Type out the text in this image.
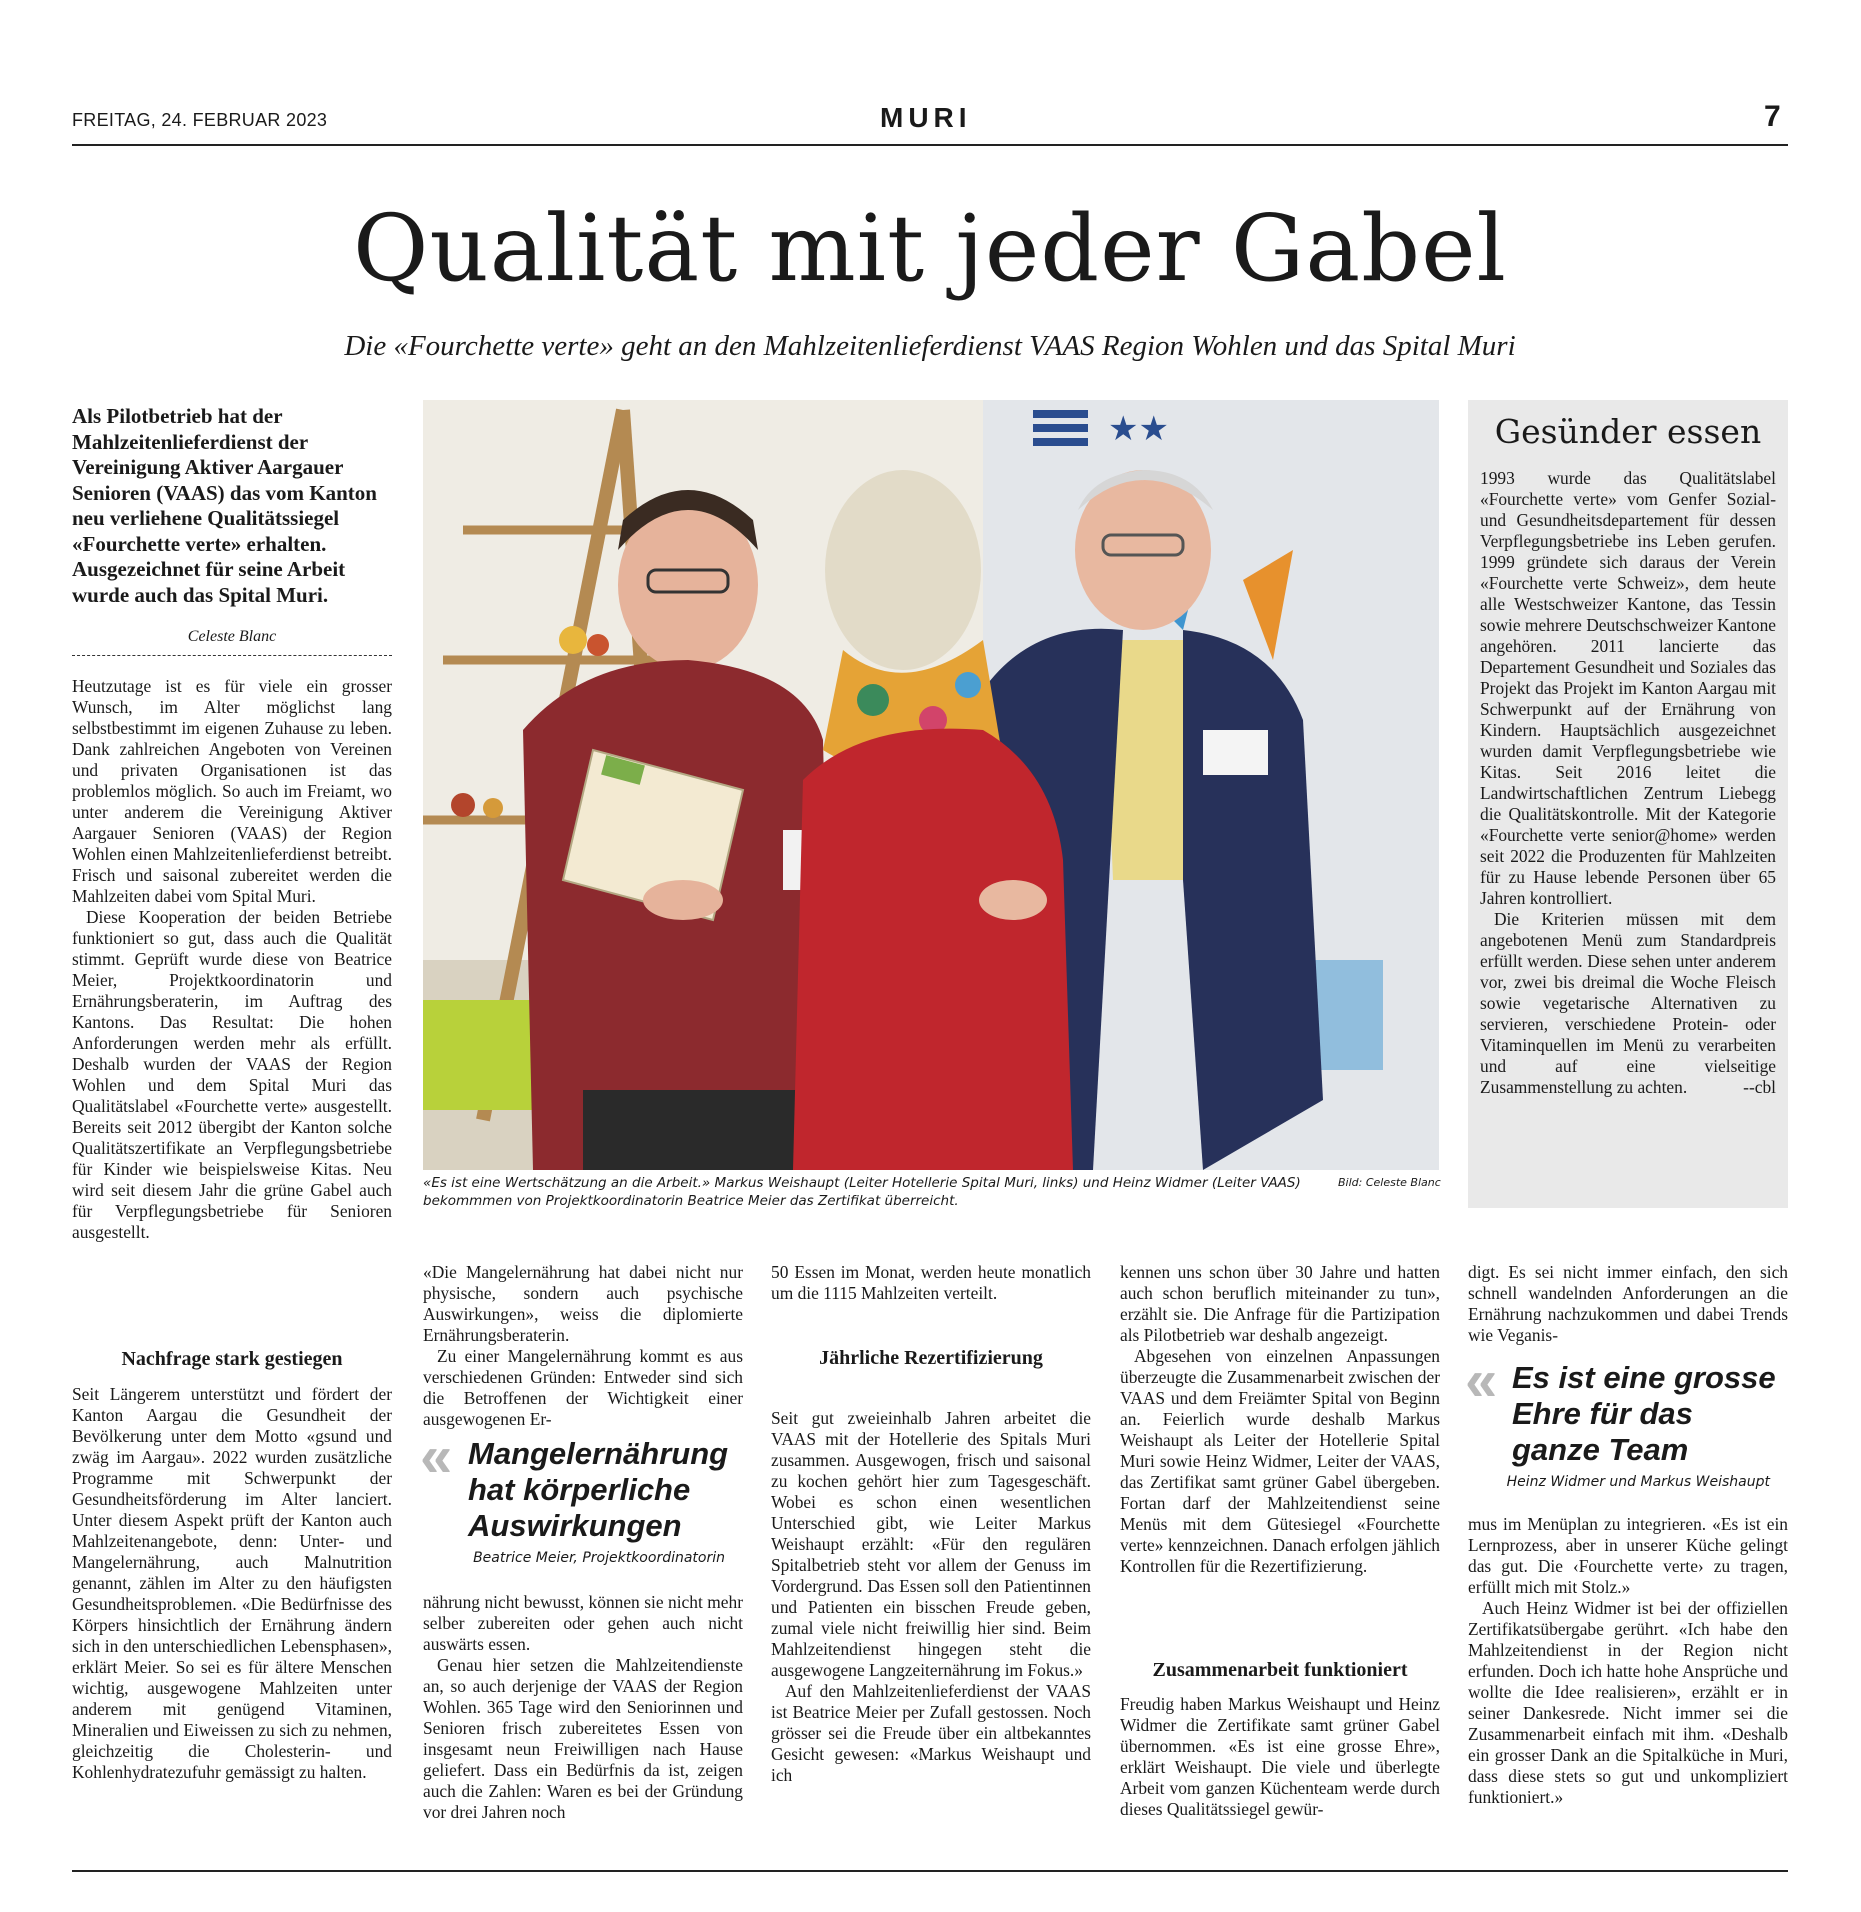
FREITAG, 24. FEBRUAR 2023	MURI	7
Qualität mit jeder Gabel
Die «Fourchette verte» geht an den Mahlzeitenlieferdienst VAAS Region Wohlen und das Spital Muri
Als Pilotbetrieb hat der Mahlzeitenlieferdienst der Vereinigung Aktiver Aargauer Senioren (VAAS) das vom Kanton neu verliehene Qualitätssiegel «Fourchette verte» erhalten. Ausgezeichnet für seine Arbeit wurde auch das Spital Muri.
Celeste Blanc

Heutzutage ist es für viele ein grosser Wunsch, im Alter möglichst lang selbstbestimmt im eigenen Zuhause zu leben. Dank zahlreichen Angeboten von Vereinen und privaten Organisationen ist das problemlos möglich. So auch im Freiamt, wo unter anderem die Vereinigung Aktiver Aargauer Senioren (VAAS) der Region Wohlen einen Mahlzeitenlieferdienst betreibt. Frisch und saisonal zubereitet werden die Mahlzeiten dabei vom Spital Muri.

Diese Kooperation der beiden Betriebe funktioniert so gut, dass auch die Qualität stimmt. Geprüft wurde diese von Beatrice Meier, Projektkoordinatorin und Ernährungsberaterin, im Auftrag des Kantons. Das Resultat: Die hohen Anforderungen werden mehr als erfüllt. Deshalb wurden der VAAS der Region Wohlen und dem Spital Muri das Qualitätslabel «Fourchette verte» ausgestellt. Bereits seit 2012 übergibt der Kanton solche Qualitätszertifikate an Verpflegungsbetriebe für Kinder wie beispielsweise Kitas. Neu wird seit diesem Jahr die grüne Gabel auch für Verpflegungsbetriebe für Senioren ausgestellt.

Nachfrage stark gestiegen

Seit Längerem unterstützt und fördert der Kanton Aargau die Gesundheit der Bevölkerung unter dem Motto «gsund und zwäg im Aargau». 2022 wurden zusätzliche Programme mit Schwerpunkt der Gesundheitsförderung im Alter lanciert. Unter diesem Aspekt prüft der Kanton auch Mahlzeitenangebote, denn: Unter- und Mangelernährung, auch Malnutrition genannt, zählen im Alter zu den häufigsten Gesundheitsproblemen. «Die Bedürfnisse des Körpers hinsichtlich der Ernährung ändern sich in den unterschiedlichen Lebensphasen», erklärt Meier. So sei es für ältere Menschen wichtig, ausgewogene Mahlzeiten unter anderem mit genügend Vitaminen, Mineralien und Eiweissen zu sich zu nehmen, gleichzeitig die Cholesterin- und Kohlenhydratezufuhr gemässigt zu halten.

★★
«Es ist eine Wertschätzung an die Arbeit.» Markus Weishaupt (Leiter Hotellerie Spital Muri, links) und Heinz Widmer (Leiter VAAS) bekommmen von Projektkoordinatorin Beatrice Meier das Zertifikat überreicht.
Bild: Celeste Blanc
Gesünder essen

1993 wurde das Qualitätslabel «Fourchette verte» vom Genfer Sozial- und Gesundheitsdepartement für dessen Verpflegungsbetriebe ins Leben gerufen. 1999 gründete sich daraus der Verein «Fourchette verte Schweiz», dem heute alle Westschweizer Kantone, das Tessin sowie mehrere Deutschschweizer Kantone angehören. 2011 lancierte das Departement Gesundheit und Soziales das Projekt das Projekt im Kanton Aargau mit Schwerpunkt auf der Ernährung von Kindern. Hauptsächlich ausgezeichnet wurden damit Verpflegungsbetriebe wie Kitas. Seit 2016 leitet die Landwirtschaftlichen Zentrum Liebegg die Qualitätskontrolle. Mit der Kategorie «Fourchette verte senior@home» werden seit 2022 die Produzenten für Mahlzeiten für zu Hause lebende Personen über 65 Jahren kontrolliert.

Die Kriterien müssen mit dem angebotenen Menü zum Standardpreis erfüllt werden. Diese sehen unter anderem vor, zwei bis dreimal die Woche Fleisch sowie vegetarische Alternativen zu servieren, verschiedene Protein- oder Vitaminquellen im Menü zu verarbeiten und auf eine vielseitige Zusammenstellung zu achten.	--cbl

«Die Mangelernährung hat dabei nicht nur physische, sondern auch psychische Auswirkungen», weiss die diplomierte Ernährungsberaterin.

Zu einer Mangelernährung kommt es aus verschiedenen Gründen: Entweder sind sich die Betroffenen der Wichtigkeit einer ausgewogenen Er-

« Mangelernährung hat körperliche Auswirkungen
Beatrice Meier, Projektkoordinatorin

nährung nicht bewusst, können sie nicht mehr selber zubereiten oder gehen auch nicht auswärts essen.

Genau hier setzen die Mahlzeitendienste an, so auch derjenige der VAAS der Region Wohlen. 365 Tage wird den Seniorinnen und Senioren frisch zubereitetes Essen von insgesamt neun Freiwilligen nach Hause geliefert. Dass ein Bedürfnis da ist, zeigen auch die Zahlen: Waren es bei der Gründung vor drei Jahren noch

50 Essen im Monat, werden heute monatlich um die 1115 Mahlzeiten verteilt.

Jährliche Rezertifizierung

Seit gut zweieinhalb Jahren arbeitet die VAAS mit der Hotellerie des Spitals Muri zusammen. Ausgewogen, frisch und saisonal zu kochen gehört hier zum Tagesgeschäft. Wobei es schon einen wesentlichen Unterschied gibt, wie Leiter Markus Weishaupt erzählt: «Für den regulären Spitalbetrieb steht vor allem der Genuss im Vordergrund. Das Essen soll den Patientinnen und Patienten ein bisschen Freude geben, zumal viele nicht freiwillig hier sind. Beim Mahlzeitendienst hingegen steht die ausgewogene Langzeiternährung im Fokus.»

Auf den Mahlzeitenlieferdienst der VAAS ist Beatrice Meier per Zufall gestossen. Noch grösser sei die Freude über ein altbekanntes Gesicht gewesen: «Markus Weishaupt und ich

kennen uns schon über 30 Jahre und hatten auch schon beruflich miteinander zu tun», erzählt sie. Die Anfrage für die Partizipation als Pilotbetrieb war deshalb angezeigt.

Abgesehen von einzelnen Anpassungen überzeugte die Zusammenarbeit zwischen der VAAS und dem Freiämter Spital von Beginn an. Feierlich wurde deshalb Markus Weishaupt als Leiter der Hotellerie Spital Muri sowie Heinz Widmer, Leiter der VAAS, das Zertifikat samt grüner Gabel übergeben. Fortan darf der Mahlzeitendienst seine Menüs mit dem Gütesiegel «Fourchette verte» kennzeichnen. Danach erfolgen jählich Kontrollen für die Rezertifizierung.

Zusammenarbeit funktioniert

Freudig haben Markus Weishaupt und Heinz Widmer die Zertifikate samt grüner Gabel übernommen. «Es ist eine grosse Ehre», erklärt Weishaupt. Die viele und überlegte Arbeit vom ganzen Küchenteam werde durch dieses Qualitätssiegel gewür-

digt. Es sei nicht immer einfach, den sich schnell wandelnden Anforderungen an die Ernährung nachzukommen und dabei Trends wie Veganis-

« Es ist eine grosse Ehre für das ganze Team
Heinz Widmer und Markus Weishaupt

mus im Menüplan zu integrieren. «Es ist ein Lernprozess, aber in unserer Küche gelingt das gut. Die ‹Fourchette verte› zu tragen, erfüllt mich mit Stolz.»

Auch Heinz Widmer ist bei der offiziellen Zertifikatsübergabe gerührt. «Ich habe den Mahlzeitendienst in der Region nicht erfunden. Doch ich hatte hohe Ansprüche und wollte die Idee realisieren», erzählt er in seiner Dankesrede. Nicht immer sei die Zusammenarbeit einfach mit ihm. «Deshalb ein grosser Dank an die Spitalküche in Muri, dass diese stets so gut und unkompliziert funktioniert.»
